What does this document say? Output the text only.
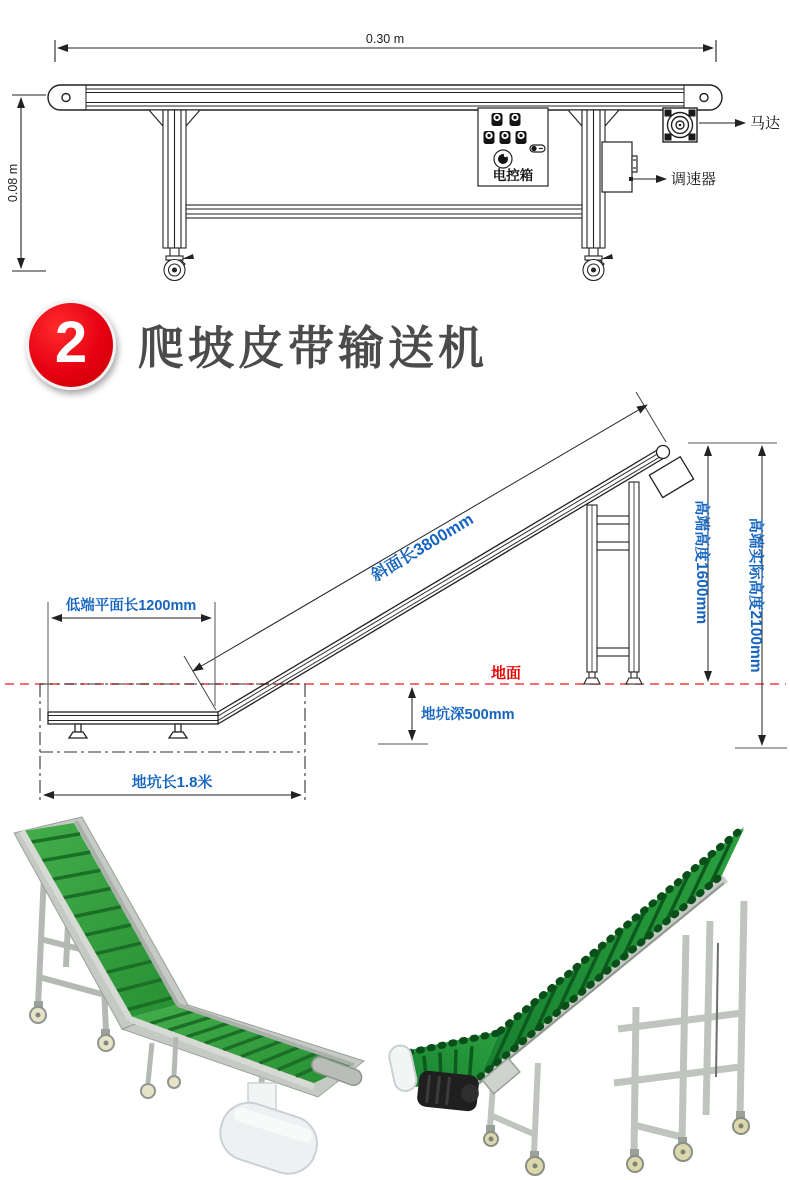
0.30 m
0.08 m	电控箱
马达
调速器
2 爬坡皮带输送机
地面
斜面长3800mm
低端平面长1200mm	高端高度1600mm 高端实际高度2100mm
地坑深500mm
地坑长1.8米
